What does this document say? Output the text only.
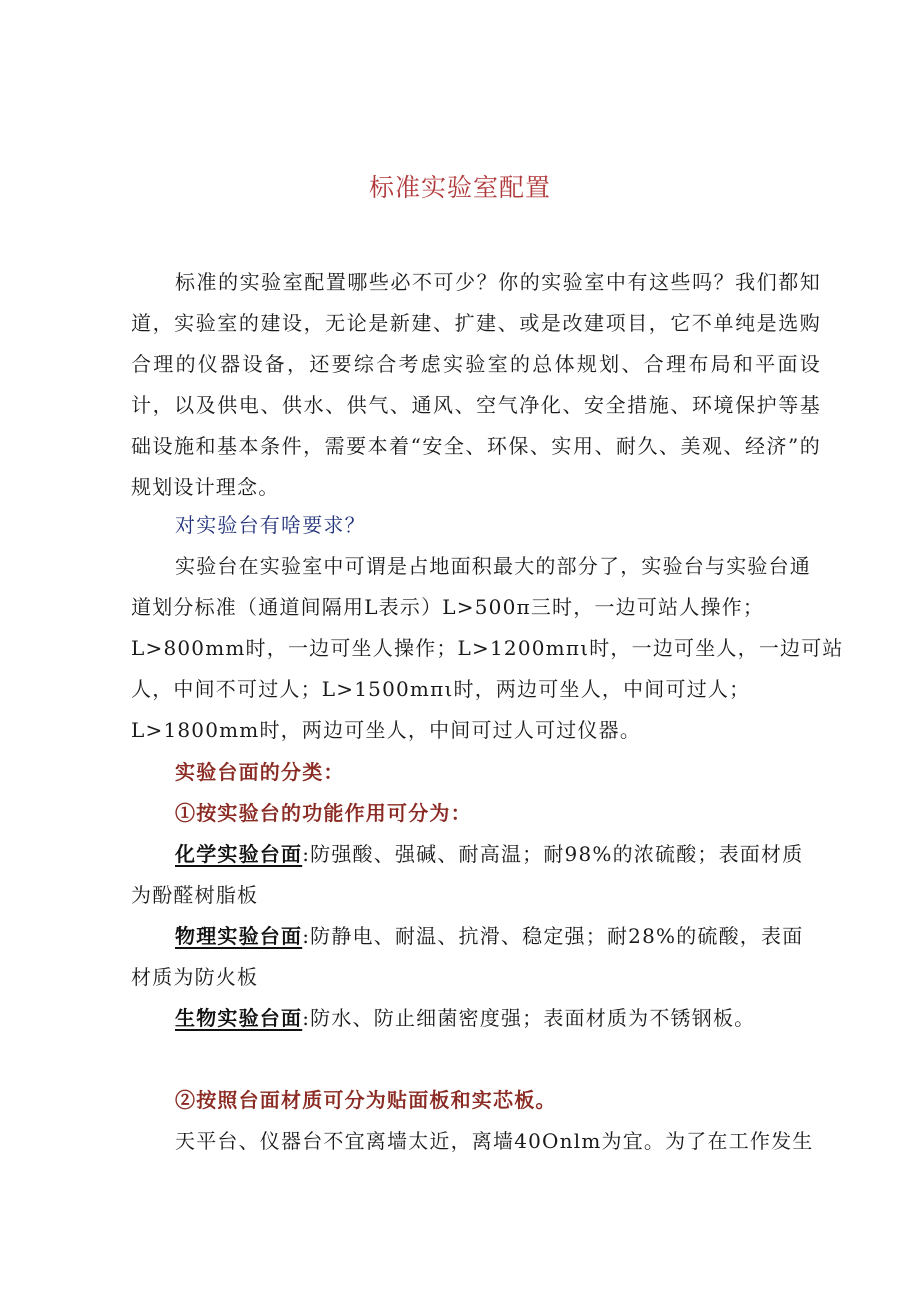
标准实验室配置

标准的实验室配置哪些必不可少？你的实验室中有这些吗？我们都知道，实验室的建设，无论是新建、扩建、或是改建项目，它不单纯是选购合理的仪器设备，还要综合考虑实验室的总体规划、合理布局和平面设计，以及供电、供水、供气、通风、空气净化、安全措施、环境保护等基础设施和基本条件，需要本着“安全、环保、实用、耐久、美观、经济”的规划设计理念。

对实验台有啥要求？

实验台在实验室中可谓是占地面积最大的部分了，实验台与实验台通

道划分标准（通道间隔用L表示）L>500π三时，一边可站人操作；

L>800mm时，一边可坐人操作；L>1200mπι时，一边可坐人，一边可站

人，中间不可过人；L>1500mπι时，两边可坐人，中间可过人；

L>1800mm时，两边可坐人，中间可过人可过仪器。

实验台面的分类：

①按实验台的功能作用可分为：

化学实验台面:防强酸、强碱、耐高温；耐98%的浓硫酸；表面材质

为酚醛树脂板

物理实验台面:防静电、耐温、抗滑、稳定强；耐28%的硫酸，表面

材质为防火板

生物实验台面:防水、防止细菌密度强；表面材质为不锈钢板。

②按照台面材质可分为贴面板和实芯板。

天平台、仪器台不宜离墙太近，离墙40Onlm为宜。为了在工作发生
